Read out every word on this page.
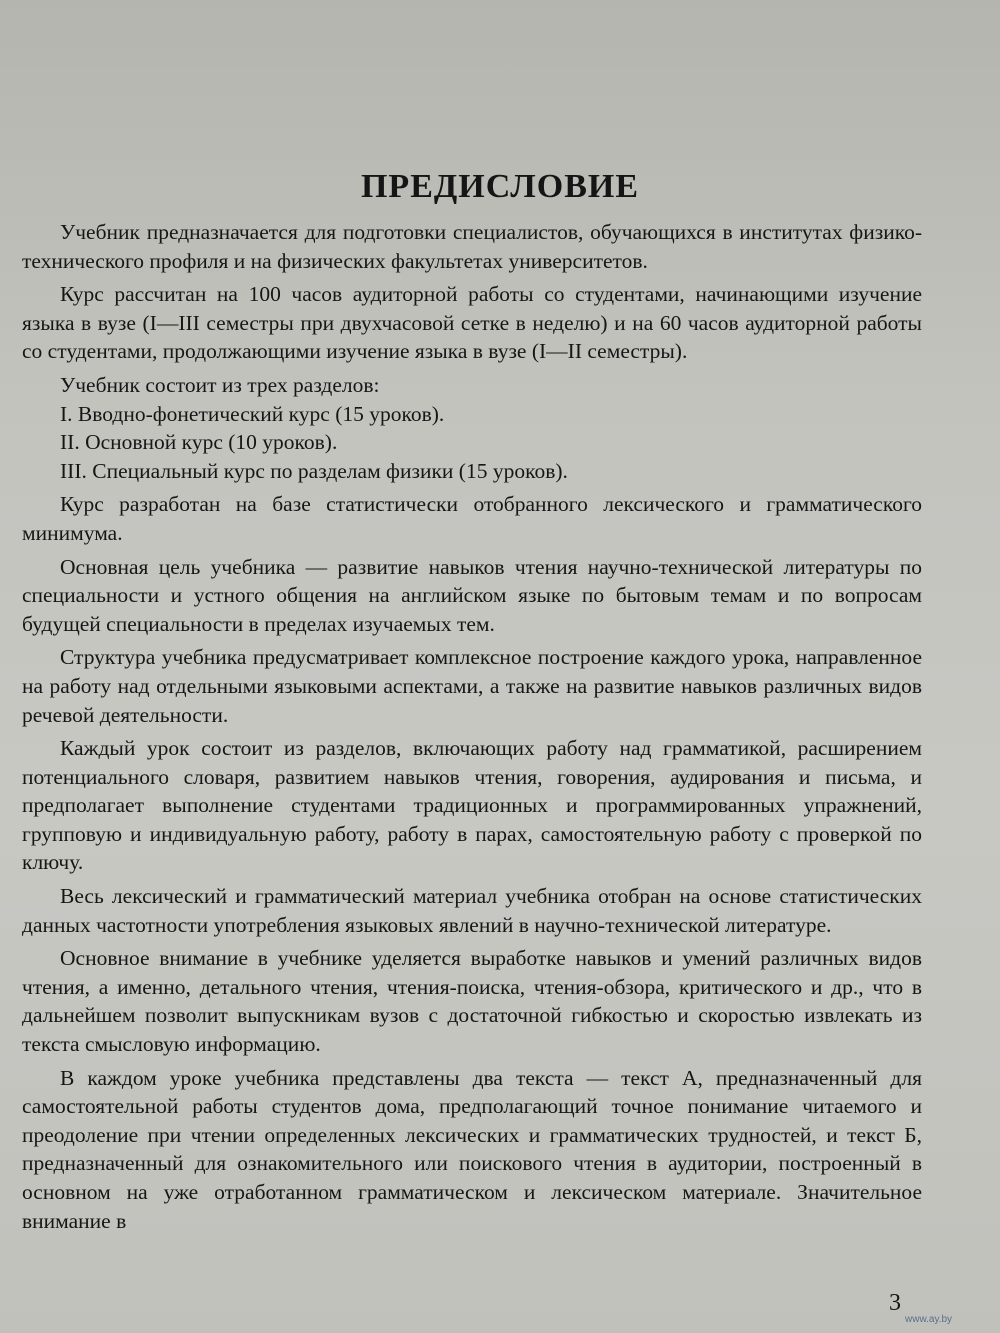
ПРЕДИСЛОВИЕ

Учебник предназначается для подготовки специалистов, обучающихся в институтах физико-технического профиля и на физических факультетах университетов.

Курс рассчитан на 100 часов аудиторной работы со студентами, начинающими изучение языка в вузе (I—III семестры при двухчасовой сетке в неделю) и на 60 часов аудиторной работы со студентами, продолжающими изучение языка в вузе (I—II семестры).

Учебник состоит из трех разделов:

I. Вводно-фонетический курс (15 уроков).

II. Основной курс (10 уроков).

III. Специальный курс по разделам физики (15 уроков).

Курс разработан на базе статистически отобранного лексического и грамматического минимума.

Основная цель учебника — развитие навыков чтения научно-технической литературы по специальности и устного общения на английском языке по бытовым темам и по вопросам будущей специальности в пределах изучаемых тем.

Структура учебника предусматривает комплексное построение каждого урока, направленное на работу над отдельными языковыми аспектами, а также на развитие навыков различных видов речевой деятельности.

Каждый урок состоит из разделов, включающих работу над грамматикой, расширением потенциального словаря, развитием навыков чтения, говорения, аудирования и письма, и предполагает выполнение студентами традиционных и программированных упражнений, групповую и индивидуальную работу, работу в парах, самостоятельную работу с проверкой по ключу.

Весь лексический и грамматический материал учебника отобран на основе статистических данных частотности употребления языковых явлений в научно-технической литературе.

Основное внимание в учебнике уделяется выработке навыков и умений различных видов чтения, а именно, детального чтения, чтения-поиска, чтения-обзора, критического и др., что в дальнейшем позволит выпускникам вузов с достаточной гибкостью и скоростью извлекать из текста смысловую информацию.

В каждом уроке учебника представлены два текста — текст А, предназначенный для самостоятельной работы студентов дома, предполагающий точное понимание читаемого и преодоление при чтении определенных лексических и грамматических трудностей, и текст Б, предназначенный для ознакомительного или поискового чтения в аудитории, построенный в основном на уже отработанном грамматическом и лексическом материале. Значительное внимание в

3
www.ay.by
